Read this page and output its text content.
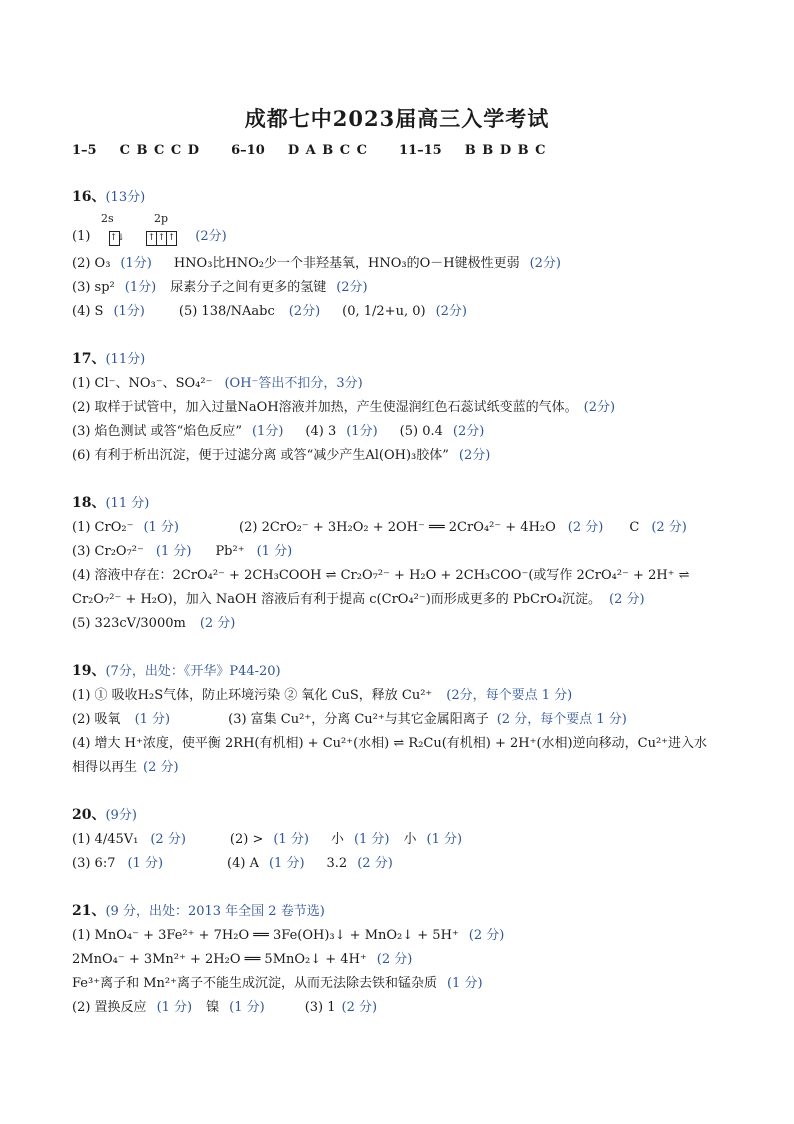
成都七中2023届高三入学考试
1–5 C B C C D 6–10 D A B C C 11–15 B B D B C
16、(13分)
2s	2p
(1) ↑↓
	↑ ↑ ↑ (2分)
(2) O₃ (1分) HNO₃比HNO₂少一个非羟基氧，HNO₃的O－H键极性更弱 (2分)
(3) sp² (1分) 尿素分子之间有更多的氢键 (2分)
(4) S (1分)	(5) 138/NAabc (2分) (0, 1/2+u, 0) (2分)
17、(11分)
(1) Cl⁻、NO₃⁻、SO₄²⁻ (OH⁻答出不扣分，3分)
(2) 取样于试管中，加入过量NaOH溶液并加热，产生使湿润红色石蕊试纸变蓝的气体。 (2分)
(3) 焰色测试 或答“焰色反应” (1分) (4) 3 (1分) (5) 0.4 (2分)
(6) 有利于析出沉淀，便于过滤分离 或答“减少产生Al(OH)₃胶体” (2分)
18、(11 分)
(1) CrO₂⁻ (1 分)	(2) 2CrO₂⁻ + 3H₂O₂ + 2OH⁻ ══ 2CrO₄²⁻ + 4H₂O (2 分) C (2 分)
(3) Cr₂O₇²⁻ (1 分) Pb²⁺ (1 分)
(4) 溶液中存在：2CrO₄²⁻ + 2CH₃COOH ⇌ Cr₂O₇²⁻ + H₂O + 2CH₃COO⁻(或写作 2CrO₄²⁻ + 2H⁺ ⇌
Cr₂O₇²⁻ + H₂O)，加入 NaOH 溶液后有利于提高 c(CrO₄²⁻)而形成更多的 PbCrO₄沉淀。 (2 分)
(5) 323cV/3000m (2 分)
19、(7分，出处：《开华》P44-20)
(1) ① 吸收H₂S气体，防止环境污染 ② 氧化 CuS，释放 Cu²⁺ (2分，每个要点 1 分)
(2) 吸氧 (1 分)	(3) 富集 Cu²⁺，分离 Cu²⁺与其它金属阳离子 (2 分，每个要点 1 分)
(4) 增大 H⁺浓度，使平衡 2RH(有机相) + Cu²⁺(水相) ⇌ R₂Cu(有机相) + 2H⁺(水相)逆向移动，Cu²⁺进入水
相得以再生 (2 分)
20、(9分)
(1) 4/45V₁ (2 分)	(2) > (1 分) 小 (1 分) 小 (1 分)
(3) 6:7 (1 分)	(4) A (1 分) 3.2 (2 分)
21、(9 分，出处：2013 年全国 2 卷节选)
(1) MnO₄⁻ + 3Fe²⁺ + 7H₂O ══ 3Fe(OH)₃↓ + MnO₂↓ + 5H⁺ (2 分)
2MnO₄⁻ + 3Mn²⁺ + 2H₂O ══ 5MnO₂↓ + 4H⁺ (2 分)
Fe³⁺离子和 Mn²⁺离子不能生成沉淀，从而无法除去铁和锰杂质 (1 分)
(2) 置换反应 (1 分) 镍 (1 分)	(3) 1 (2 分)
